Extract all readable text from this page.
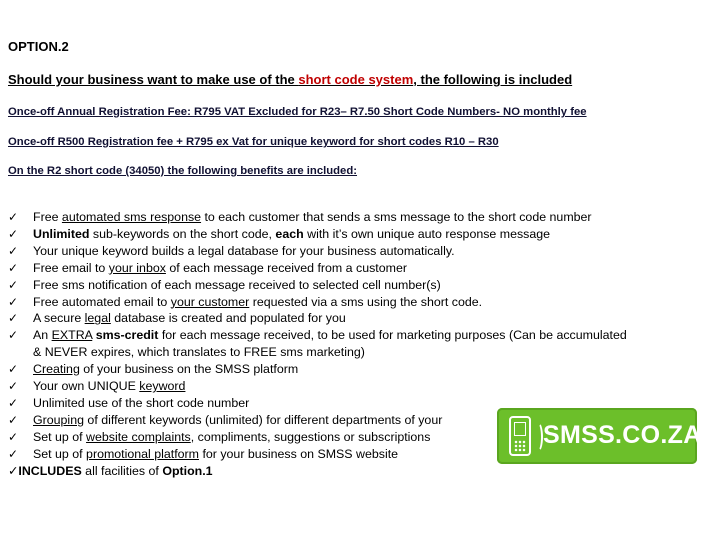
OPTION.2
Should your business want to make use of the short code system, the following is included
Once-off Annual Registration Fee: R795 VAT Excluded for R23– R7.50 Short Code Numbers- NO monthly fee
Once-off R500 Registration fee + R795 ex Vat for unique keyword for short codes R10 – R30
On the R2 short code (34050) the following benefits are included:
✓	Free automated sms response to each customer that sends a sms message to the short code number
✓	Unlimited sub-keywords on the short code, each with it’s own unique auto response message
✓	Your unique keyword builds a legal database for your business automatically.
✓	Free email to your inbox of each message received from a customer
✓	Free sms notification of each message received to selected cell number(s)
✓	Free automated email to your customer requested via a sms using the short code.
✓	A secure legal database is created and populated for you
✓	An EXTRA sms-credit for each message received, to be used for marketing purposes (Can be accumulated
& NEVER expires, which translates to FREE sms marketing)
✓	Creating of your business on the SMSS platform
✓	Your own UNIQUE keyword
✓	Unlimited use of the short code number
✓	Grouping of different keywords (unlimited) for different departments of your
✓	Set up of website complaints, compliments, suggestions or subscriptions
✓	Set up of promotional platform for your business on SMSS website
✓INCLUDES all facilities of Option.1
SMSS.CO.ZA
